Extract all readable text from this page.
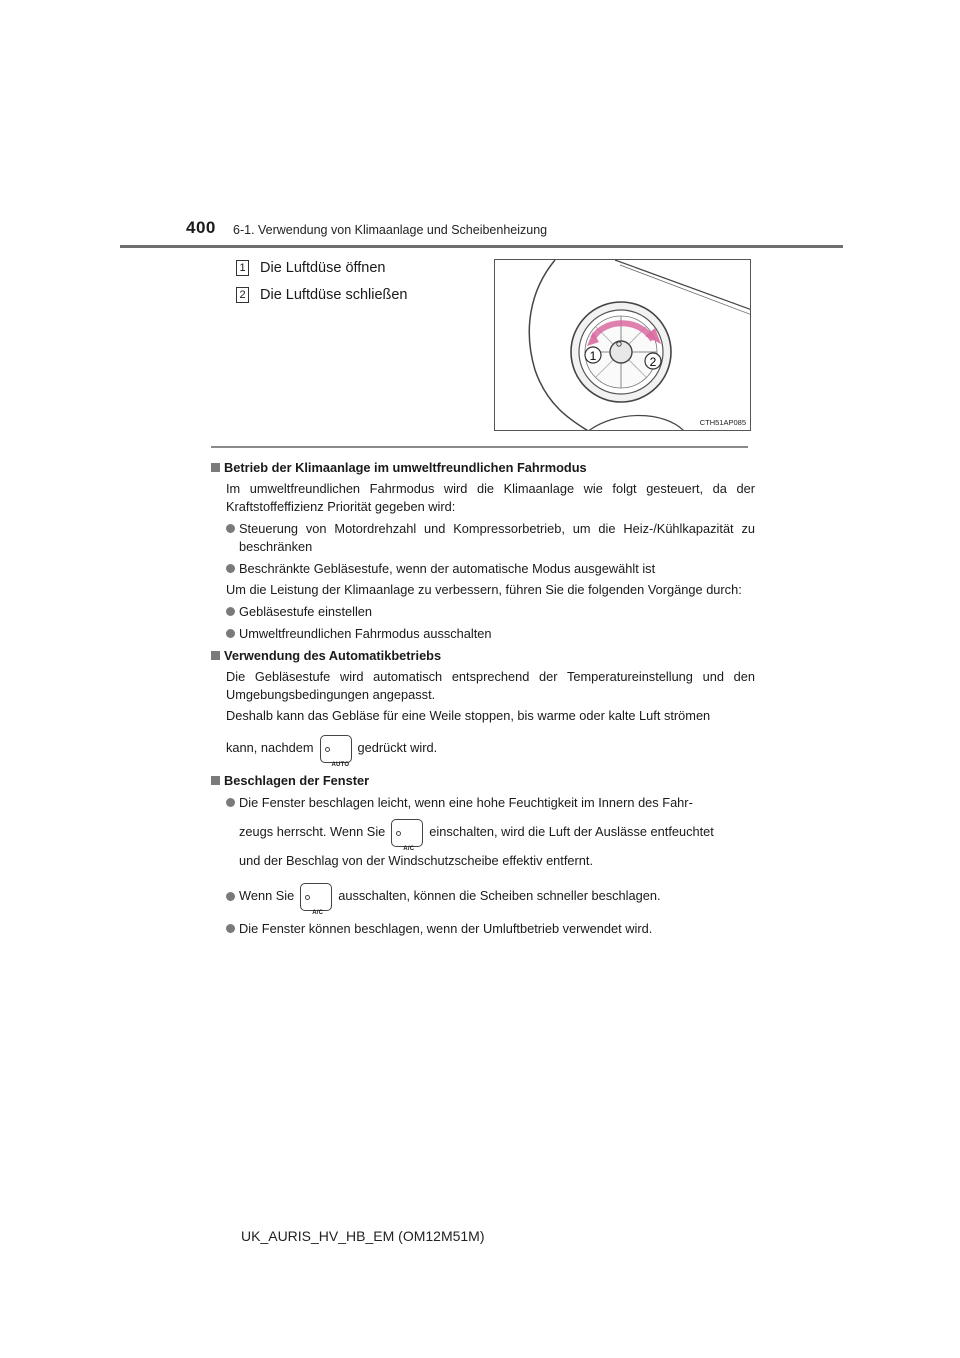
400 6-1. Verwendung von Klimaanlage und Scheibenheizung
1 Die Luftdüse öffnen
2 Die Luftdüse schließen
1	2
CTH51AP085
Betrieb der Klimaanlage im umweltfreundlichen Fahrmodus
Im umweltfreundlichen Fahrmodus wird die Klimaanlage wie folgt gesteuert, da der Kraftstoffeffizienz Priorität gegeben wird:
Steuerung von Motordrehzahl und Kompressorbetrieb, um die Heiz-/Kühlkapazität zu beschränken
Beschränkte Gebläsestufe, wenn der automatische Modus ausgewählt ist
Um die Leistung der Klimaanlage zu verbessern, führen Sie die folgenden Vorgänge durch:
Gebläsestufe einstellen
Umweltfreundlichen Fahrmodus ausschalten
Verwendung des Automatikbetriebs
Die Gebläsestufe wird automatisch entsprechend der Temperatureinstellung und den Umgebungsbedingungen angepasst.
Deshalb kann das Gebläse für eine Weile stoppen, bis warme oder kalte Luft strömen
kann, nachdem
AUTO
gedrückt wird.
Beschlagen der Fenster
Die Fenster beschlagen leicht, wenn eine hohe Feuchtigkeit im Innern des Fahr-
zeugs herrscht. Wenn Sie
A/C
einschalten, wird die Luft der Auslässe entfeuchtet
und der Beschlag von der Windschutzscheibe effektiv entfernt.
Wenn Sie
A/C
ausschalten, können die Scheiben schneller beschlagen.
Die Fenster können beschlagen, wenn der Umluftbetrieb verwendet wird.
UK_AURIS_HV_HB_EM (OM12M51M)
